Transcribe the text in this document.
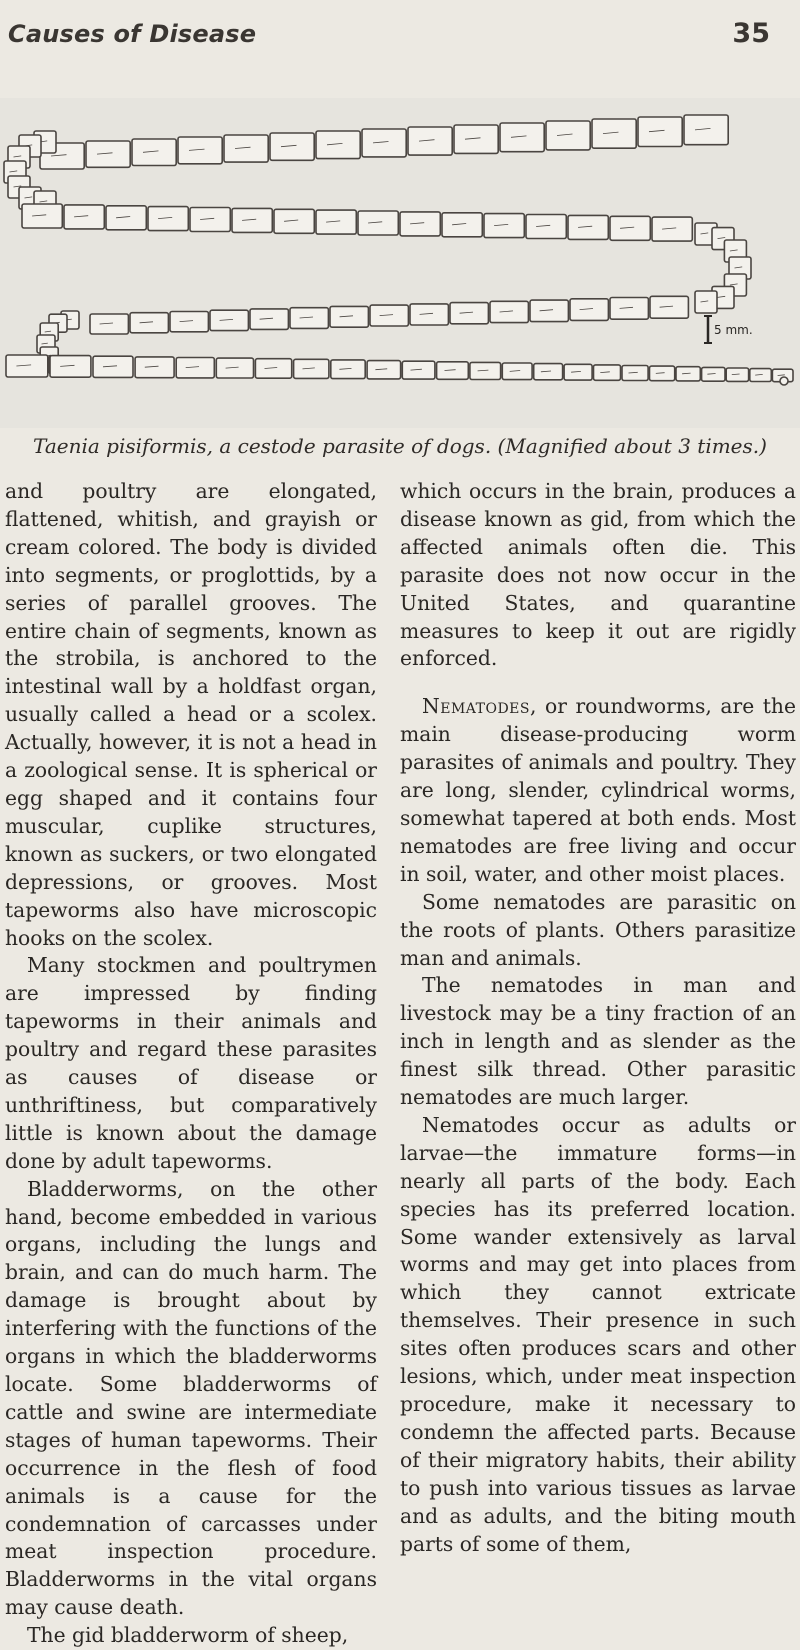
Causes of Disease	35
5 mm.
Taenia pisiformis, a cestode parasite of dogs. (Magnified about 3 times.)

and poultry are elongated, flattened, whitish, and grayish or cream colored. The body is divided into segments, or proglottids, by a series of parallel grooves. The entire chain of segments, known as the strobila, is anchored to the intestinal wall by a holdfast organ, usually called a head or a scolex. Actually, however, it is not a head in a zoological sense. It is spherical or egg shaped and it contains four muscular, cuplike structures, known as suckers, or two elongated depressions, or grooves. Most tapeworms also have microscopic hooks on the scolex.

Many stockmen and poultrymen are impressed by finding tapeworms in their animals and poultry and regard these parasites as causes of disease or unthriftiness, but comparatively little is known about the damage done by adult tapeworms.

Bladderworms, on the other hand, become embedded in various organs, including the lungs and brain, and can do much harm. The damage is brought about by interfering with the functions of the organs in which the bladderworms locate. Some bladderworms of cattle and swine are intermediate stages of human tapeworms. Their occurrence in the flesh of food animals is a cause for the condemnation of carcasses under meat inspection procedure. Bladderworms in the vital organs may cause death.

The gid bladderworm of sheep,

which occurs in the brain, produces a disease known as gid, from which the affected animals often die. This parasite does not now occur in the United States, and quarantine measures to keep it out are rigidly enforced.

Nematodes, or roundworms, are the main disease-producing worm parasites of animals and poultry. They are long, slender, cylindrical worms, somewhat tapered at both ends. Most nematodes are free living and occur in soil, water, and other moist places.

Some nematodes are parasitic on the roots of plants. Others parasitize man and animals.

The nematodes in man and livestock may be a tiny fraction of an inch in length and as slender as the finest silk thread. Other parasitic nematodes are much larger.

Nematodes occur as adults or larvae—the immature forms—in nearly all parts of the body. Each species has its preferred location. Some wander extensively as larval worms and may get into places from which they cannot extricate themselves. Their presence in such sites often produces scars and other lesions, which, under meat inspection procedure, make it necessary to condemn the affected parts. Because of their migratory habits, their ability to push into various tissues as larvae and as adults, and the biting mouth parts of some of them,
